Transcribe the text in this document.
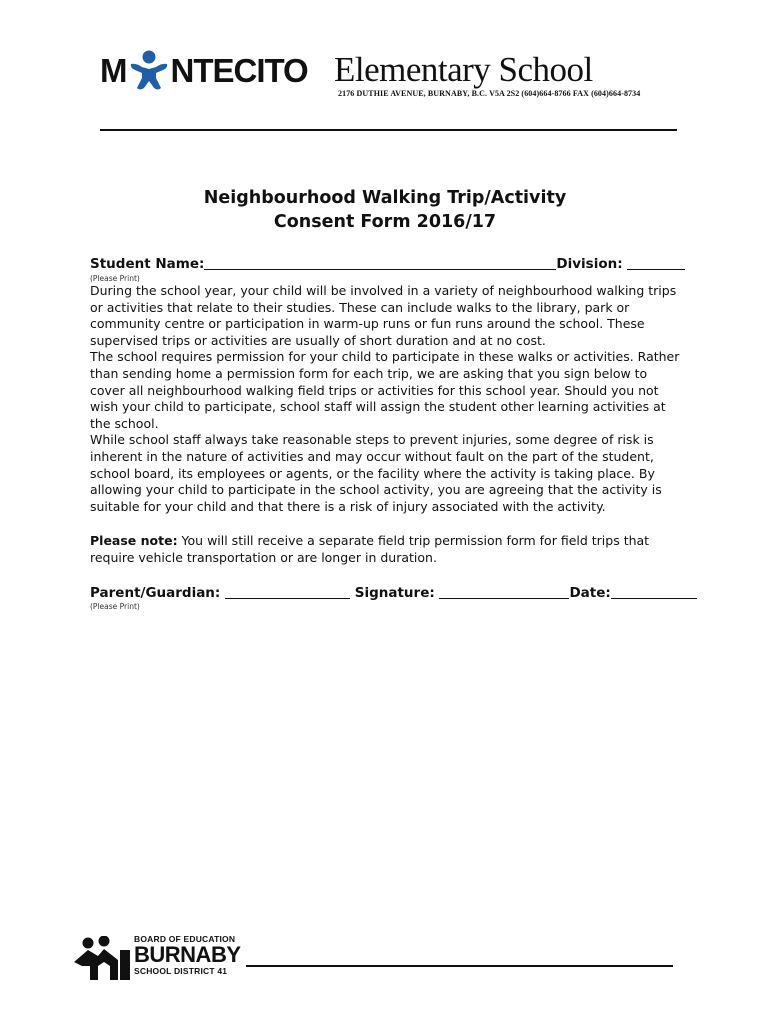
M NTECITO Elementary School
2176 DUTHIE AVENUE, BURNABY, B.C. V5A 2S2 (604)664-8766 FAX (604)664-8734
Neighbourhood Walking Trip/Activity
Consent Form 2016/17
Student Name:	Division:
(Please Print)

During the school year, your child will be involved in a variety of neighbourhood walking trips or activities that relate to their studies. These can include walks to the library, park or community centre or participation in warm-up runs or fun runs around the school. These supervised trips or activities are usually of short duration and at no cost.

The school requires permission for your child to participate in these walks or activities. Rather than sending home a permission form for each trip, we are asking that you sign below to cover all neighbourhood walking field trips or activities for this school year. Should you not wish your child to participate, school staff will assign the student other learning activities at the school.

While school staff always take reasonable steps to prevent injuries, some degree of risk is inherent in the nature of activities and may occur without fault on the part of the student, school board, its employees or agents, or the facility where the activity is taking place. By allowing your child to participate in the school activity, you are agreeing that the activity is suitable for your child and that there is a risk of injury associated with the activity.

Please note: You will still receive a separate field trip permission form for field trips that require vehicle transportation or are longer in duration.
Parent/Guardian:	Signature:	Date:
(Please Print)
BOARD OF EDUCATION
BURNABY
SCHOOL DISTRICT 41
